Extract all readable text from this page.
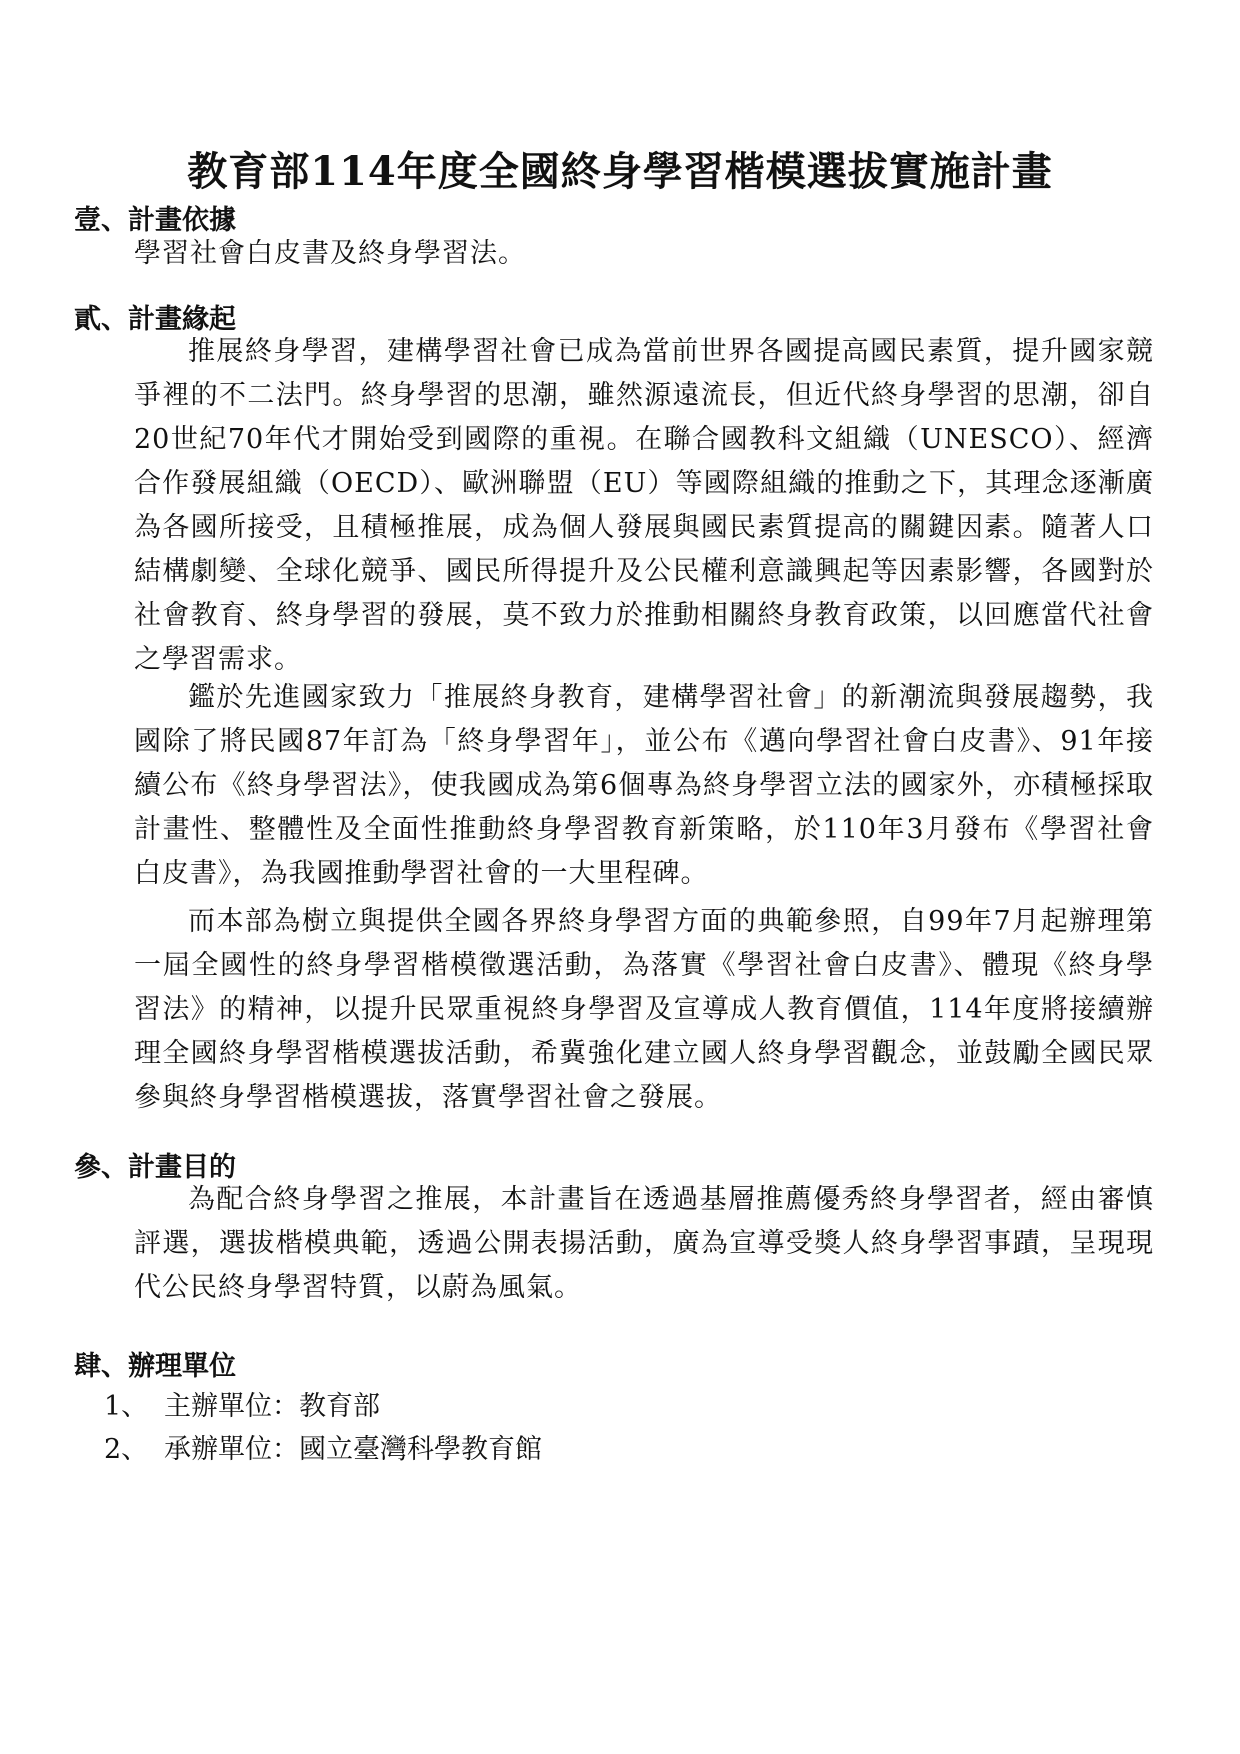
教育部114年度全國終身學習楷模選拔實施計畫
壹、計畫依據

學習社會白皮書及終身學習法。

貳、計畫緣起

推展終身學習，建構學習社會已成為當前世界各國提高國民素質，提升國家競爭裡的不二法門。終身學習的思潮，雖然源遠流長，但近代終身學習的思潮，卻自20世紀70年代才開始受到國際的重視。在聯合國教科文組織（UNESCO）、經濟合作發展組織（OECD）、歐洲聯盟（EU）等國際組織的推動之下，其理念逐漸廣為各國所接受，且積極推展，成為個人發展與國民素質提高的關鍵因素。隨著人口結構劇變、全球化競爭、國民所得提升及公民權利意識興起等因素影響，各國對於社會教育、終身學習的發展，莫不致力於推動相關終身教育政策，以回應當代社會之學習需求。

鑑於先進國家致力「推展終身教育，建構學習社會」的新潮流與發展趨勢，我國除了將民國87年訂為「終身學習年」，並公布《邁向學習社會白皮書》、91年接續公布《終身學習法》，使我國成為第6個專為終身學習立法的國家外，亦積極採取計畫性、整體性及全面性推動終身學習教育新策略，於110年3月發布《學習社會白皮書》，為我國推動學習社會的一大里程碑。

而本部為樹立與提供全國各界終身學習方面的典範參照，自99年7月起辦理第一屆全國性的終身學習楷模徵選活動，為落實《學習社會白皮書》、體現《終身學習法》的精神，以提升民眾重視終身學習及宣導成人教育價值，114年度將接續辦理全國終身學習楷模選拔活動，希冀強化建立國人終身學習觀念，並鼓勵全國民眾參與終身學習楷模選拔，落實學習社會之發展。

參、計畫目的

為配合終身學習之推展，本計畫旨在透過基層推薦優秀終身學習者，經由審慎評選，選拔楷模典範，透過公開表揚活動，廣為宣導受獎人終身學習事蹟，呈現現代公民終身學習特質，以蔚為風氣。

肆、辦理單位
1、 主辦單位：教育部
2、 承辦單位：國立臺灣科學教育館
